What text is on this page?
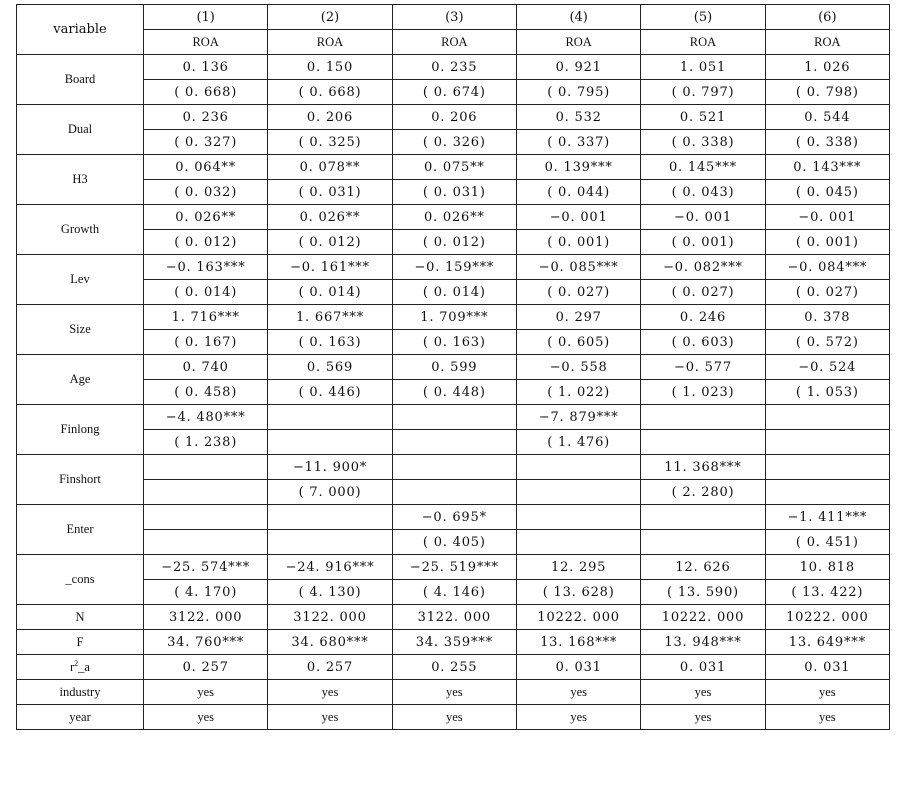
variable	(1)	(2)	(3)	(4)	(5)	(6)
	ROA	ROA	ROA	ROA	ROA	ROA
Board	0. 136	0. 150	0. 235	0. 921	1. 051	1. 026
	( 0. 668)	( 0. 668)	( 0. 674)	( 0. 795)	( 0. 797)	( 0. 798)
Dual	0. 236	0. 206	0. 206	0. 532	0. 521	0. 544
	( 0. 327)	( 0. 325)	( 0. 326)	( 0. 337)	( 0. 338)	( 0. 338)
H3	0. 064**	0. 078**	0. 075**	0. 139***	0. 145***	0. 143***
	( 0. 032)	( 0. 031)	( 0. 031)	( 0. 044)	( 0. 043)	( 0. 045)
Growth	0. 026**	0. 026**	0. 026**	−0. 001	−0. 001	−0. 001
	( 0. 012)	( 0. 012)	( 0. 012)	( 0. 001)	( 0. 001)	( 0. 001)
Lev	−0. 163***	−0. 161***	−0. 159***	−0. 085***	−0. 082***	−0. 084***
	( 0. 014)	( 0. 014)	( 0. 014)	( 0. 027)	( 0. 027)	( 0. 027)
Size	1. 716***	1. 667***	1. 709***	0. 297	0. 246	0. 378
	( 0. 167)	( 0. 163)	( 0. 163)	( 0. 605)	( 0. 603)	( 0. 572)
Age	0. 740	0. 569	0. 599	−0. 558	−0. 577	−0. 524
	( 0. 458)	( 0. 446)	( 0. 448)	( 1. 022)	( 1. 023)	( 1. 053)
Finlong	−4. 480***			−7. 879***		
	( 1. 238)			( 1. 476)		
Finshort		−11. 900*			11. 368***	
		( 7. 000)			( 2. 280)	
Enter			−0. 695*			−1. 411***
			( 0. 405)			( 0. 451)
_cons	−25. 574***	−24. 916***	−25. 519***	12. 295	12. 626	10. 818
	( 4. 170)	( 4. 130)	( 4. 146)	( 13. 628)	( 13. 590)	( 13. 422)
N	3122. 000	3122. 000	3122. 000	10222. 000	10222. 000	10222. 000
F	34. 760***	34. 680***	34. 359***	13. 168***	13. 948***	13. 649***
$r^2\_a$	0. 257	0. 257	0. 255	0. 031	0. 031	0. 031
industry	yes	yes	yes	yes	yes	yes
year	yes	yes	yes	yes	yes	yes
